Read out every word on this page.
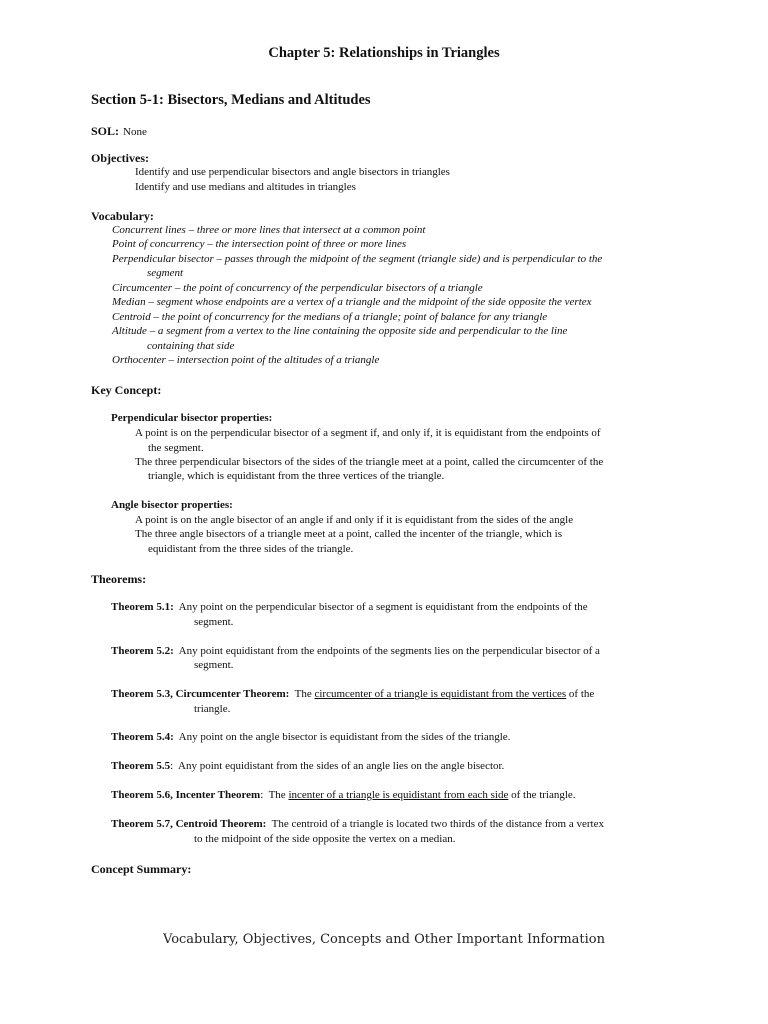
Chapter 5: Relationships in Triangles
Section 5-1: Bisectors, Medians and Altitudes
SOL: None
Objectives:
Identify and use perpendicular bisectors and angle bisectors in triangles
Identify and use medians and altitudes in triangles
Vocabulary:
Concurrent lines – three or more lines that intersect at a common point
Point of concurrency – the intersection point of three or more lines
Perpendicular bisector – passes through the midpoint of the segment (triangle side) and is perpendicular to the
segment
Circumcenter – the point of concurrency of the perpendicular bisectors of a triangle
Median – segment whose endpoints are a vertex of a triangle and the midpoint of the side opposite the vertex
Centroid – the point of concurrency for the medians of a triangle; point of balance for any triangle
Altitude – a segment from a vertex to the line containing the opposite side and perpendicular to the line
containing that side
Orthocenter – intersection point of the altitudes of a triangle
Key Concept:
Perpendicular bisector properties:
A point is on the perpendicular bisector of a segment if, and only if, it is equidistant from the endpoints of
the segment.
The three perpendicular bisectors of the sides of the triangle meet at a point, called the circumcenter of the
triangle, which is equidistant from the three vertices of the triangle.
Angle bisector properties:
A point is on the angle bisector of an angle if and only if it is equidistant from the sides of the angle
The three angle bisectors of a triangle meet at a point, called the incenter of the triangle, which is
equidistant from the three sides of the triangle.
Theorems:
Theorem 5.1: Any point on the perpendicular bisector of a segment is equidistant from the endpoints of the
segment.
Theorem 5.2: Any point equidistant from the endpoints of the segments lies on the perpendicular bisector of a
segment.
Theorem 5.3, Circumcenter Theorem: The circumcenter of a triangle is equidistant from the vertices of the
triangle.
Theorem 5.4: Any point on the angle bisector is equidistant from the sides of the triangle.
Theorem 5.5: Any point equidistant from the sides of an angle lies on the angle bisector.
Theorem 5.6, Incenter Theorem: The incenter of a triangle is equidistant from each side of the triangle.
Theorem 5.7, Centroid Theorem: The centroid of a triangle is located two thirds of the distance from a vertex
to the midpoint of the side opposite the vertex on a median.
Concept Summary:
Vocabulary, Objectives, Concepts and Other Important Information
